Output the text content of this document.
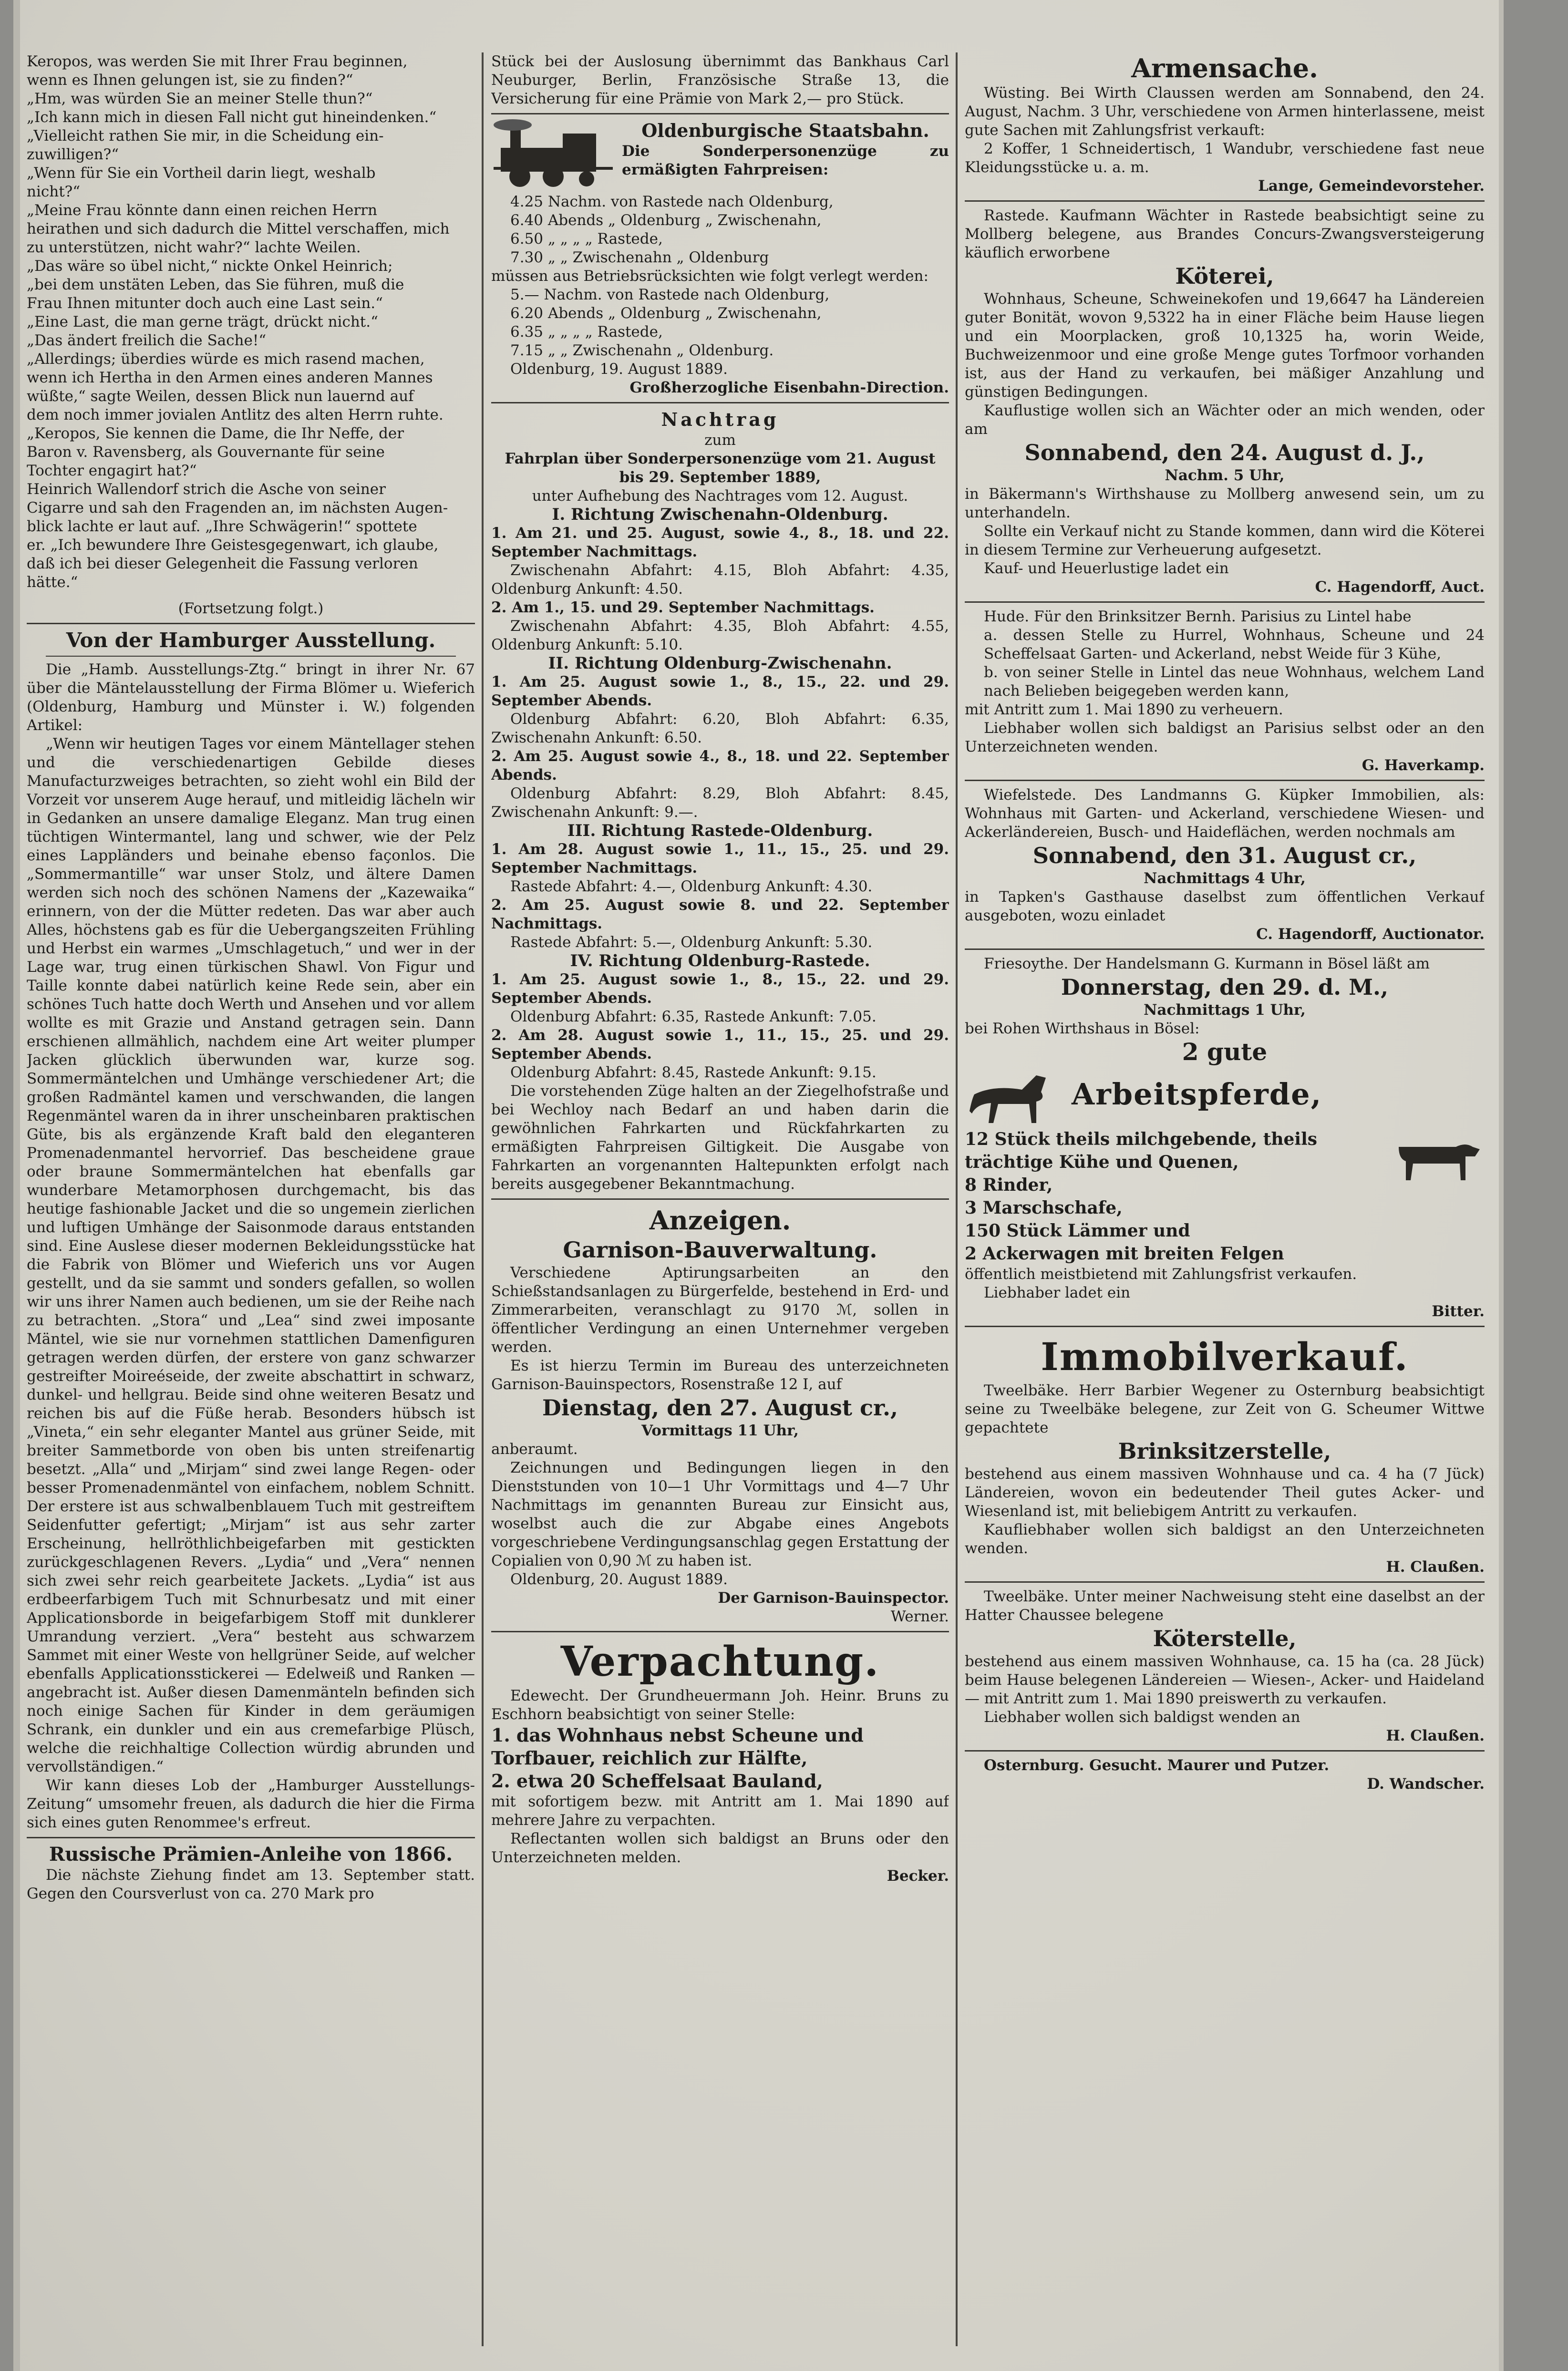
Keropos, was werden Sie mit Ihrer Frau beginnen,

wenn es Ihnen gelungen ist, sie zu finden?“

„Hm, was würden Sie an meiner Stelle thun?“

„Ich kann mich in diesen Fall nicht gut hineindenken.“

„Vielleicht rathen Sie mir, in die Scheidung ein-

zuwilligen?“

„Wenn für Sie ein Vortheil darin liegt, weshalb

nicht?“

„Meine Frau könnte dann einen reichen Herrn

heirathen und sich dadurch die Mittel verschaffen, mich

zu unterstützen, nicht wahr?“ lachte Weilen.

„Das wäre so übel nicht,“ nickte Onkel Heinrich;

„bei dem unstäten Leben, das Sie führen, muß die

Frau Ihnen mitunter doch auch eine Last sein.“

„Eine Last, die man gerne trägt, drückt nicht.“

„Das ändert freilich die Sache!“

„Allerdings; überdies würde es mich rasend machen,

wenn ich Hertha in den Armen eines anderen Mannes

wüßte,“ sagte Weilen, dessen Blick nun lauernd auf

dem noch immer jovialen Antlitz des alten Herrn ruhte.

„Keropos, Sie kennen die Dame, die Ihr Neffe, der

Baron v. Ravensberg, als Gouvernante für seine

Tochter engagirt hat?“

Heinrich Wallendorf strich die Asche von seiner

Cigarre und sah den Fragenden an, im nächsten Augen-

blick lachte er laut auf. „Ihre Schwägerin!“ spottete

er. „Ich bewundere Ihre Geistesgegenwart, ich glaube,

daß ich bei dieser Gelegenheit die Fassung verloren

hätte.“

(Fortsetzung folgt.)

Von der Hamburger Ausstellung.

Die „Hamb. Ausstellungs-Ztg.“ bringt in ihrer Nr. 67 über die Mäntelausstellung der Firma Blömer u. Wieferich (Oldenburg, Hamburg und Münster i. W.) folgenden Artikel:

„Wenn wir heutigen Tages vor einem Mäntellager stehen und die verschiedenartigen Gebilde dieses Manufacturzweiges betrachten, so zieht wohl ein Bild der Vorzeit vor unserem Auge herauf, und mitleidig lächeln wir in Gedanken an unsere damalige Eleganz. Man trug einen tüchtigen Wintermantel, lang und schwer, wie der Pelz eines Lappländers und beinahe ebenso façonlos. Die „Sommermantille“ war unser Stolz, und ältere Damen werden sich noch des schönen Namens der „Kazewaika“ erinnern, von der die Mütter redeten. Das war aber auch Alles, höchstens gab es für die Uebergangszeiten Frühling und Herbst ein warmes „Umschlagetuch,“ und wer in der Lage war, trug einen türkischen Shawl. Von Figur und Taille konnte dabei natürlich keine Rede sein, aber ein schönes Tuch hatte doch Werth und Ansehen und vor allem wollte es mit Grazie und Anstand getragen sein. Dann erschienen allmählich, nachdem eine Art weiter plumper Jacken glücklich überwunden war, kurze sog. Sommermäntelchen und Umhänge verschiedener Art; die großen Radmäntel kamen und verschwanden, die langen Regenmäntel waren da in ihrer unscheinbaren praktischen Güte, bis als ergänzende Kraft bald den eleganteren Promenadenmantel hervorrief. Das bescheidene graue oder braune Sommermäntelchen hat ebenfalls gar wunderbare Metamorphosen durchgemacht, bis das heutige fashionable Jacket und die so ungemein zierlichen und luftigen Umhänge der Saisonmode daraus entstanden sind. Eine Auslese dieser modernen Bekleidungsstücke hat die Fabrik von Blömer und Wieferich uns vor Augen gestellt, und da sie sammt und sonders gefallen, so wollen wir uns ihrer Namen auch bedienen, um sie der Reihe nach zu betrachten. „Stora“ und „Lea“ sind zwei imposante Mäntel, wie sie nur vornehmen stattlichen Damenfiguren getragen werden dürfen, der erstere von ganz schwarzer gestreifter Moireéseide, der zweite abschattirt in schwarz, dunkel- und hellgrau. Beide sind ohne weiteren Besatz und reichen bis auf die Füße herab. Besonders hübsch ist „Vineta,“ ein sehr eleganter Mantel aus grüner Seide, mit breiter Sammetborde von oben bis unten streifenartig besetzt. „Alla“ und „Mirjam“ sind zwei lange Regen- oder besser Promenadenmäntel von einfachem, noblem Schnitt. Der erstere ist aus schwalbenblauem Tuch mit gestreiftem Seidenfutter gefertigt; „Mirjam“ ist aus sehr zarter Erscheinung, hellröthlichbeigefarben mit gestickten zurückgeschlagenen Revers. „Lydia“ und „Vera“ nennen sich zwei sehr reich gearbeitete Jackets. „Lydia“ ist aus erdbeerfarbigem Tuch mit Schnurbesatz und mit einer Applicationsborde in beigefarbigem Stoff mit dunklerer Umrandung verziert. „Vera“ besteht aus schwarzem Sammet mit einer Weste von hellgrüner Seide, auf welcher ebenfalls Applicationsstickerei — Edelweiß und Ranken — angebracht ist. Außer diesen Damenmänteln befinden sich noch einige Sachen für Kinder in dem geräumigen Schrank, ein dunkler und ein aus cremefarbige Plüsch, welche die reichhaltige Collection würdig abrunden und vervollständigen.“

Wir kann dieses Lob der „Hamburger Ausstellungs-Zeitung“ umsomehr freuen, als dadurch die hier die Firma sich eines guten Renommee's erfreut.

Russische Prämien-Anleihe von 1866.

Die nächste Ziehung findet am 13. September statt. Gegen den Coursverlust von ca. 270 Mark pro

Stück bei der Auslosung übernimmt das Bankhaus Carl Neuburger, Berlin, Französische Straße 13, die Versicherung für eine Prämie von Mark 2,— pro Stück.

Oldenburgische Staatsbahn.

Die Sonderpersonenzüge zu ermäßigten Fahrpreisen:

4.25 Nachm. von Rastede nach Oldenburg,

6.40 Abends „ Oldenburg „ Zwischenahn,

6.50 „ „ „ „ Rastede,

7.30 „ „ Zwischenahn „ Oldenburg

müssen aus Betriebsrücksichten wie folgt verlegt werden:

5.— Nachm. von Rastede nach Oldenburg,

6.20 Abends „ Oldenburg „ Zwischenahn,

6.35 „ „ „ „ Rastede,

7.15 „ „ Zwischenahn „ Oldenburg.

Oldenburg, 19. August 1889.

Großherzogliche Eisenbahn-Direction.

Nachtrag

zum

Fahrplan über Sonderpersonenzüge vom 21. August bis 29. September 1889,

unter Aufhebung des Nachtrages vom 12. August.

I. Richtung Zwischenahn-Oldenburg.

1. Am 21. und 25. August, sowie 4., 8., 18. und 22. September Nachmittags.

Zwischenahn Abfahrt: 4.15, Bloh Abfahrt: 4.35, Oldenburg Ankunft: 4.50.

2. Am 1., 15. und 29. September Nachmittags.

Zwischenahn Abfahrt: 4.35, Bloh Abfahrt: 4.55, Oldenburg Ankunft: 5.10.

II. Richtung Oldenburg-Zwischenahn.

1. Am 25. August sowie 1., 8., 15., 22. und 29. September Abends.

Oldenburg Abfahrt: 6.20, Bloh Abfahrt: 6.35, Zwischenahn Ankunft: 6.50.

2. Am 25. August sowie 4., 8., 18. und 22. September Abends.

Oldenburg Abfahrt: 8.29, Bloh Abfahrt: 8.45, Zwischenahn Ankunft: 9.—.

III. Richtung Rastede-Oldenburg.

1. Am 28. August sowie 1., 11., 15., 25. und 29. September Nachmittags.

Rastede Abfahrt: 4.—, Oldenburg Ankunft: 4.30.

2. Am 25. August sowie 8. und 22. September Nachmittags.

Rastede Abfahrt: 5.—, Oldenburg Ankunft: 5.30.

IV. Richtung Oldenburg-Rastede.

1. Am 25. August sowie 1., 8., 15., 22. und 29. September Abends.

Oldenburg Abfahrt: 6.35, Rastede Ankunft: 7.05.

2. Am 28. August sowie 1., 11., 15., 25. und 29. September Abends.

Oldenburg Abfahrt: 8.45, Rastede Ankunft: 9.15.

Die vorstehenden Züge halten an der Ziegelhofstraße und bei Wechloy nach Bedarf an und haben darin die gewöhnlichen Fahrkarten und Rückfahrkarten zu ermäßigten Fahrpreisen Giltigkeit. Die Ausgabe von Fahrkarten an vorgenannten Haltepunkten erfolgt nach bereits ausgegebener Bekanntmachung.

Anzeigen.

Garnison-Bauverwaltung.

Verschiedene Aptirungsarbeiten an den Schießstandsanlagen zu Bürgerfelde, bestehend in Erd- und Zimmerarbeiten, veranschlagt zu 9170 ℳ, sollen in öffentlicher Verdingung an einen Unternehmer vergeben werden.

Es ist hierzu Termin im Bureau des unterzeichneten Garnison-Bauinspectors, Rosenstraße 12 I, auf

Dienstag, den 27. August cr.,

Vormittags 11 Uhr,

anberaumt.

Zeichnungen und Bedingungen liegen in den Dienststunden von 10—1 Uhr Vormittags und 4—7 Uhr Nachmittags im genannten Bureau zur Einsicht aus, woselbst auch die zur Abgabe eines Angebots vorgeschriebene Verdingungsanschlag gegen Erstattung der Copialien von 0,90 ℳ zu haben ist.

Oldenburg, 20. August 1889.

Der Garnison-Bauinspector.

Werner.

Verpachtung.

Edewecht. Der Grundheuermann Joh. Heinr. Bruns zu Eschhorn beabsichtigt von seiner Stelle:

1. das Wohnhaus nebst Scheune und Torfbauer, reichlich zur Hälfte,

2. etwa 20 Scheffelsaat Bauland,

mit sofortigem bezw. mit Antritt am 1. Mai 1890 auf mehrere Jahre zu verpachten.

Reflectanten wollen sich baldigst an Bruns oder den Unterzeichneten melden.

Becker.

Armensache.

Wüsting. Bei Wirth Claussen werden am Sonnabend, den 24. August, Nachm. 3 Uhr, verschiedene von Armen hinterlassene, meist gute Sachen mit Zahlungsfrist verkauft:

2 Koffer, 1 Schneidertisch, 1 Wandubr, verschiedene fast neue Kleidungsstücke u. a. m.

Lange, Gemeindevorsteher.

Rastede. Kaufmann Wächter in Rastede beabsichtigt seine zu Mollberg belegene, aus Brandes Concurs-Zwangsversteigerung käuflich erworbene

Köterei,

Wohnhaus, Scheune, Schweinekofen und 19,6647 ha Ländereien guter Bonität, wovon 9,5322 ha in einer Fläche beim Hause liegen und ein Moorplacken, groß 10,1325 ha, worin Weide, Buchweizenmoor und eine große Menge gutes Torfmoor vorhanden ist, aus der Hand zu verkaufen, bei mäßiger Anzahlung und günstigen Bedingungen.

Kauflustige wollen sich an Wächter oder an mich wenden, oder am

Sonnabend, den 24. August d. J.,

Nachm. 5 Uhr,

in Bäkermann's Wirthshause zu Mollberg anwesend sein, um zu unterhandeln.

Sollte ein Verkauf nicht zu Stande kommen, dann wird die Köterei in diesem Termine zur Verheuerung aufgesetzt.

Kauf- und Heuerlustige ladet ein

C. Hagendorff, Auct.

Hude. Für den Brinksitzer Bernh. Parisius zu Lintel habe

a. dessen Stelle zu Hurrel, Wohnhaus, Scheune und 24 Scheffelsaat Garten- und Ackerland, nebst Weide für 3 Kühe,

b. von seiner Stelle in Lintel das neue Wohnhaus, welchem Land nach Belieben beigegeben werden kann,

mit Antritt zum 1. Mai 1890 zu verheuern.

Liebhaber wollen sich baldigst an Parisius selbst oder an den Unterzeichneten wenden.

G. Haverkamp.

Wiefelstede. Des Landmanns G. Küpker Immobilien, als: Wohnhaus mit Garten- und Ackerland, verschiedene Wiesen- und Ackerländereien, Busch- und Haideflächen, werden nochmals am

Sonnabend, den 31. August cr.,

Nachmittags 4 Uhr,

in Tapken's Gasthause daselbst zum öffentlichen Verkauf ausgeboten, wozu einladet

C. Hagendorff, Auctionator.

Friesoythe. Der Handelsmann G. Kurmann in Bösel läßt am

Donnerstag, den 29. d. M.,

Nachmittags 1 Uhr,

bei Rohen Wirthshaus in Bösel:

2 gute

Arbeitspferde,

12 Stück theils milchgebende, theils trächtige Kühe und Quenen,

8 Rinder,

3 Marschschafe,

150 Stück Lämmer und

2 Ackerwagen mit breiten Felgen

öffentlich meistbietend mit Zahlungsfrist verkaufen.

Liebhaber ladet ein

Bitter.

Immobilverkauf.

Tweelbäke. Herr Barbier Wegener zu Osternburg beabsichtigt seine zu Tweelbäke belegene, zur Zeit von G. Scheumer Wittwe gepachtete

Brinksitzerstelle,

bestehend aus einem massiven Wohnhause und ca. 4 ha (7 Jück) Ländereien, wovon ein bedeutender Theil gutes Acker- und Wiesenland ist, mit beliebigem Antritt zu verkaufen.

Kaufliebhaber wollen sich baldigst an den Unterzeichneten wenden.

H. Claußen.

Tweelbäke. Unter meiner Nachweisung steht eine daselbst an der Hatter Chaussee belegene

Köterstelle,

bestehend aus einem massiven Wohnhause, ca. 15 ha (ca. 28 Jück) beim Hause belegenen Ländereien — Wiesen-, Acker- und Haideland — mit Antritt zum 1. Mai 1890 preiswerth zu verkaufen.

Liebhaber wollen sich baldigst wenden an

H. Claußen.

Osternburg. Gesucht. Maurer und Putzer.

D. Wandscher.
